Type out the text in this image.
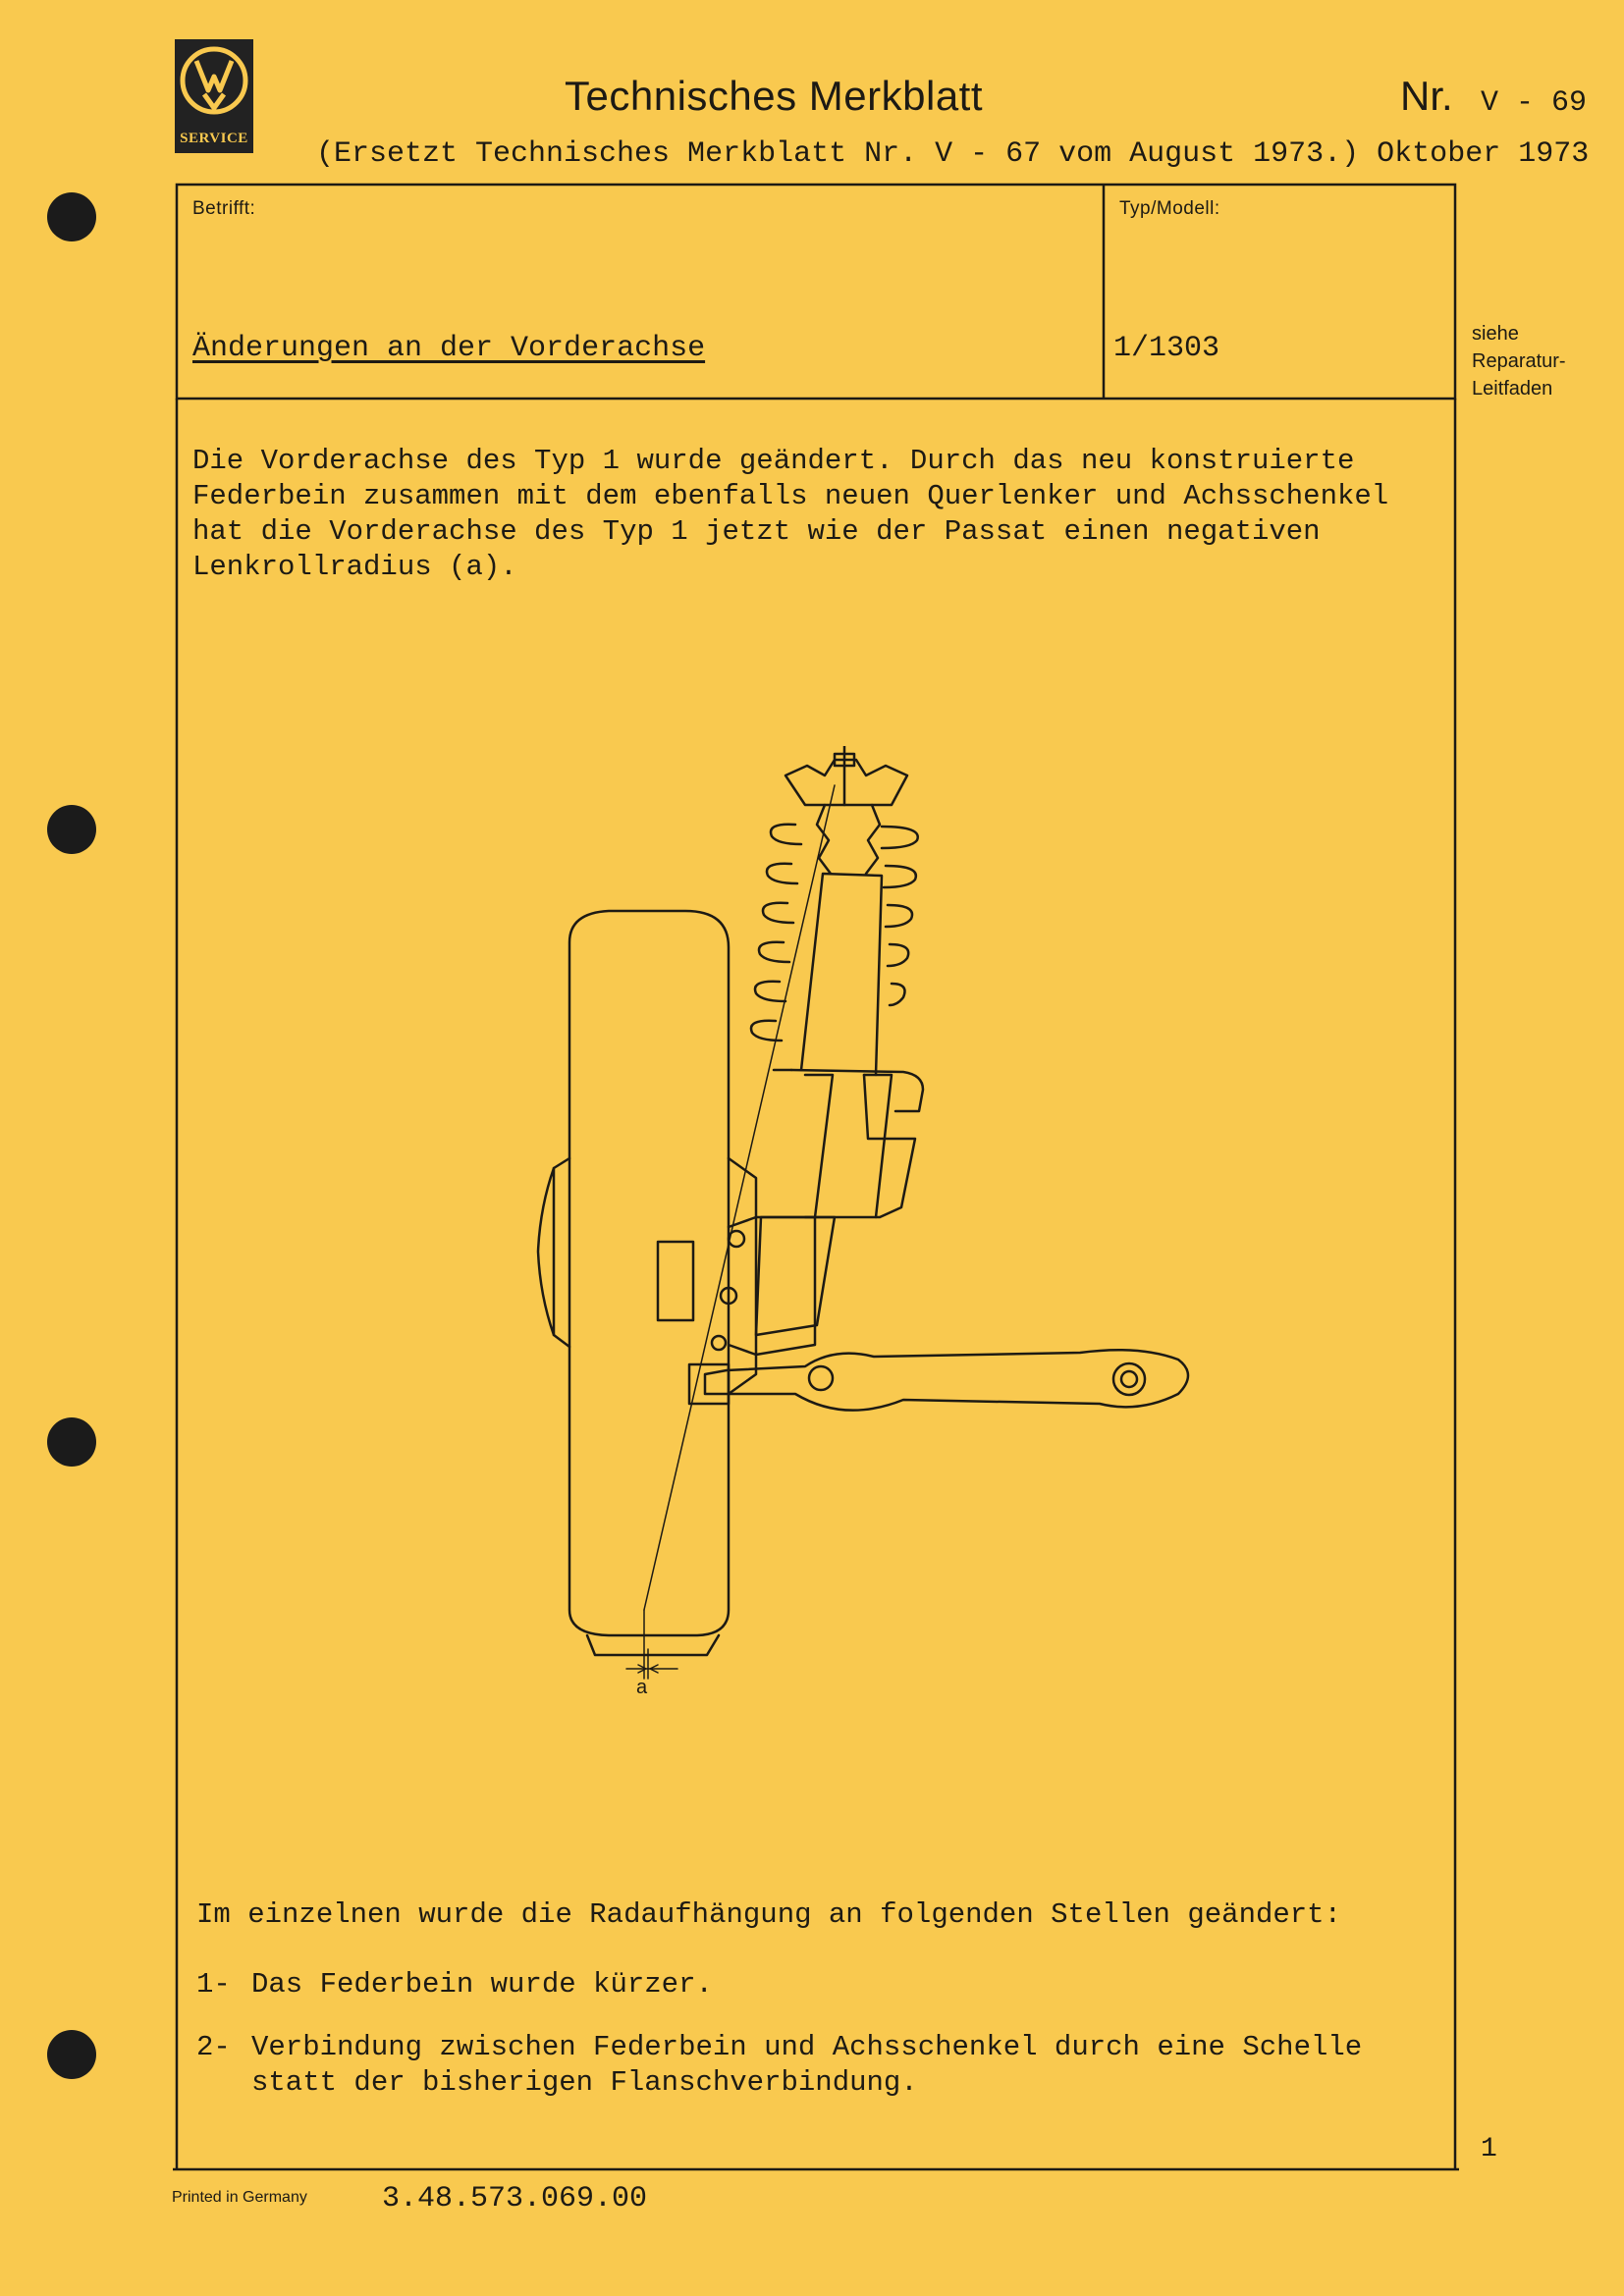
SERVICE
Technisches Merkblatt	Nr. V - 69
(Ersetzt Technisches Merkblatt Nr. V - 67 vom August 1973.) Oktober 1973
Betrifft:	Typ/Modell:
Änderungen an der Vorderachse	1/1303	siehe
Reparatur-
Leitfaden
Die Vorderachse des Typ 1 wurde geändert. Durch das neu konstruierte
Federbein zusammen mit dem ebenfalls neuen Querlenker und Achsschenkel
hat die Vorderachse des Typ 1 jetzt wie der Passat einen negativen
Lenkrollradius (a).
a
Im einzelnen wurde die Radaufhängung an folgenden Stellen geändert:
1- Das Federbein wurde kürzer.
2- Verbindung zwischen Federbein und Achsschenkel durch eine Schelle
statt der bisherigen Flanschverbindung.
1
Printed in Germany	3.48.573.069.00
